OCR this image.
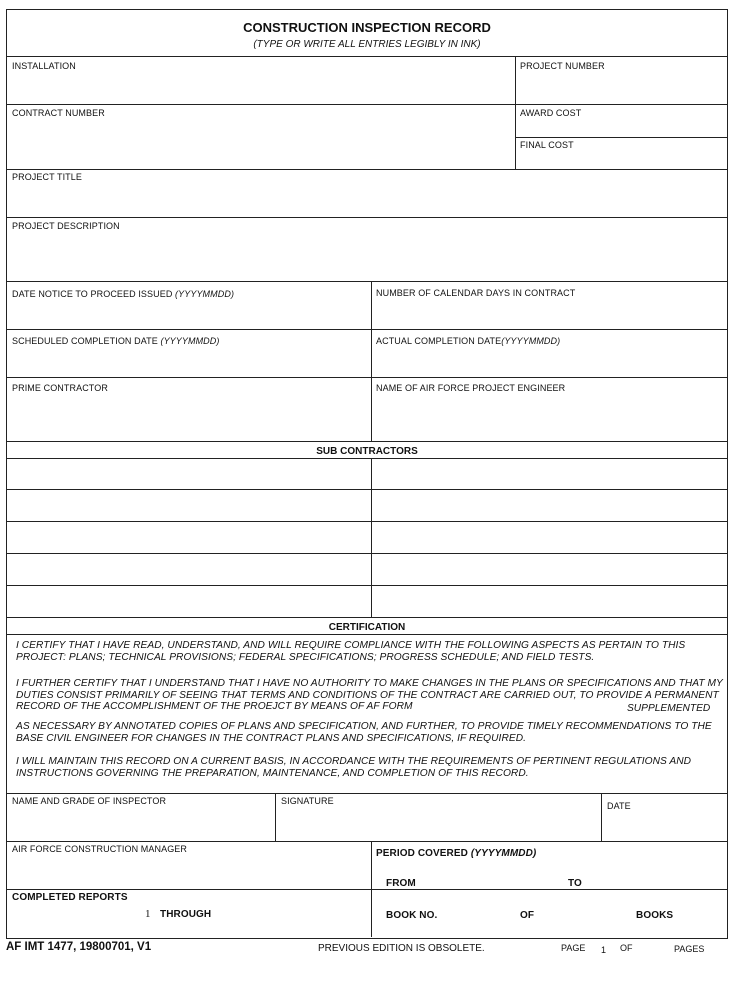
CONSTRUCTION INSPECTION RECORD
(TYPE OR WRITE ALL ENTRIES LEGIBLY IN INK)
INSTALLATION	PROJECT NUMBER
CONTRACT NUMBER	AWARD COST
FINAL COST
PROJECT TITLE
PROJECT DESCRIPTION
DATE NOTICE TO PROCEED ISSUED (YYYYMMDD)	NUMBER OF CALENDAR DAYS IN CONTRACT
SCHEDULED COMPLETION DATE (YYYYMMDD)	ACTUAL COMPLETION DATE(YYYYMMDD)
PRIME CONTRACTOR	NAME OF AIR FORCE PROJECT ENGINEER
SUB CONTRACTORS
CERTIFICATION
I CERTIFY THAT I HAVE READ, UNDERSTAND, AND WILL REQUIRE COMPLIANCE WITH THE FOLLOWING ASPECTS AS PERTAIN TO THIS PROJECT: PLANS; TECHNICAL PROVISIONS; FEDERAL SPECIFICATIONS; PROGRESS SCHEDULE; AND FIELD TESTS.
I FURTHER CERTIFY THAT I UNDERSTAND THAT I HAVE NO AUTHORITY TO MAKE CHANGES IN THE PLANS OR SPECIFICATIONS AND THAT MY DUTIES CONSIST PRIMARILY OF SEEING THAT TERMS AND CONDITIONS OF THE CONTRACT ARE CARRIED OUT, TO PROVIDE A PERMANENT RECORD OF THE ACCOMPLISHMENT OF THE PROEJCT BY MEANS OF AF FORM	SUPPLEMENTED
AS NECESSARY BY ANNOTATED COPIES OF PLANS AND SPECIFICATION, AND FURTHER, TO PROVIDE TIMELY RECOMMENDATIONS TO THE BASE CIVIL ENGINEER FOR CHANGES IN THE CONTRACT PLANS AND SPECIFICATIONS, IF REQUIRED.
I WILL MAINTAIN THIS RECORD ON A CURRENT BASIS, IN ACCORDANCE WITH THE REQUIREMENTS OF PERTINENT REGULATIONS AND INSTRUCTIONS GOVERNING THE PREPARATION, MAINTENANCE, AND COMPLETION OF THIS RECORD.
NAME AND GRADE OF INSPECTOR	SIGNATURE	DATE
AIR FORCE CONSTRUCTION MANAGER	PERIOD COVERED (YYYYMMDD)
FROM	TO
COMPLETED REPORTS
1 THROUGH	BOOK NO.	OF	BOOKS
AF IMT 1477, 19800701, V1	PREVIOUS EDITION IS OBSOLETE.	PAGE 1 OF	PAGES
